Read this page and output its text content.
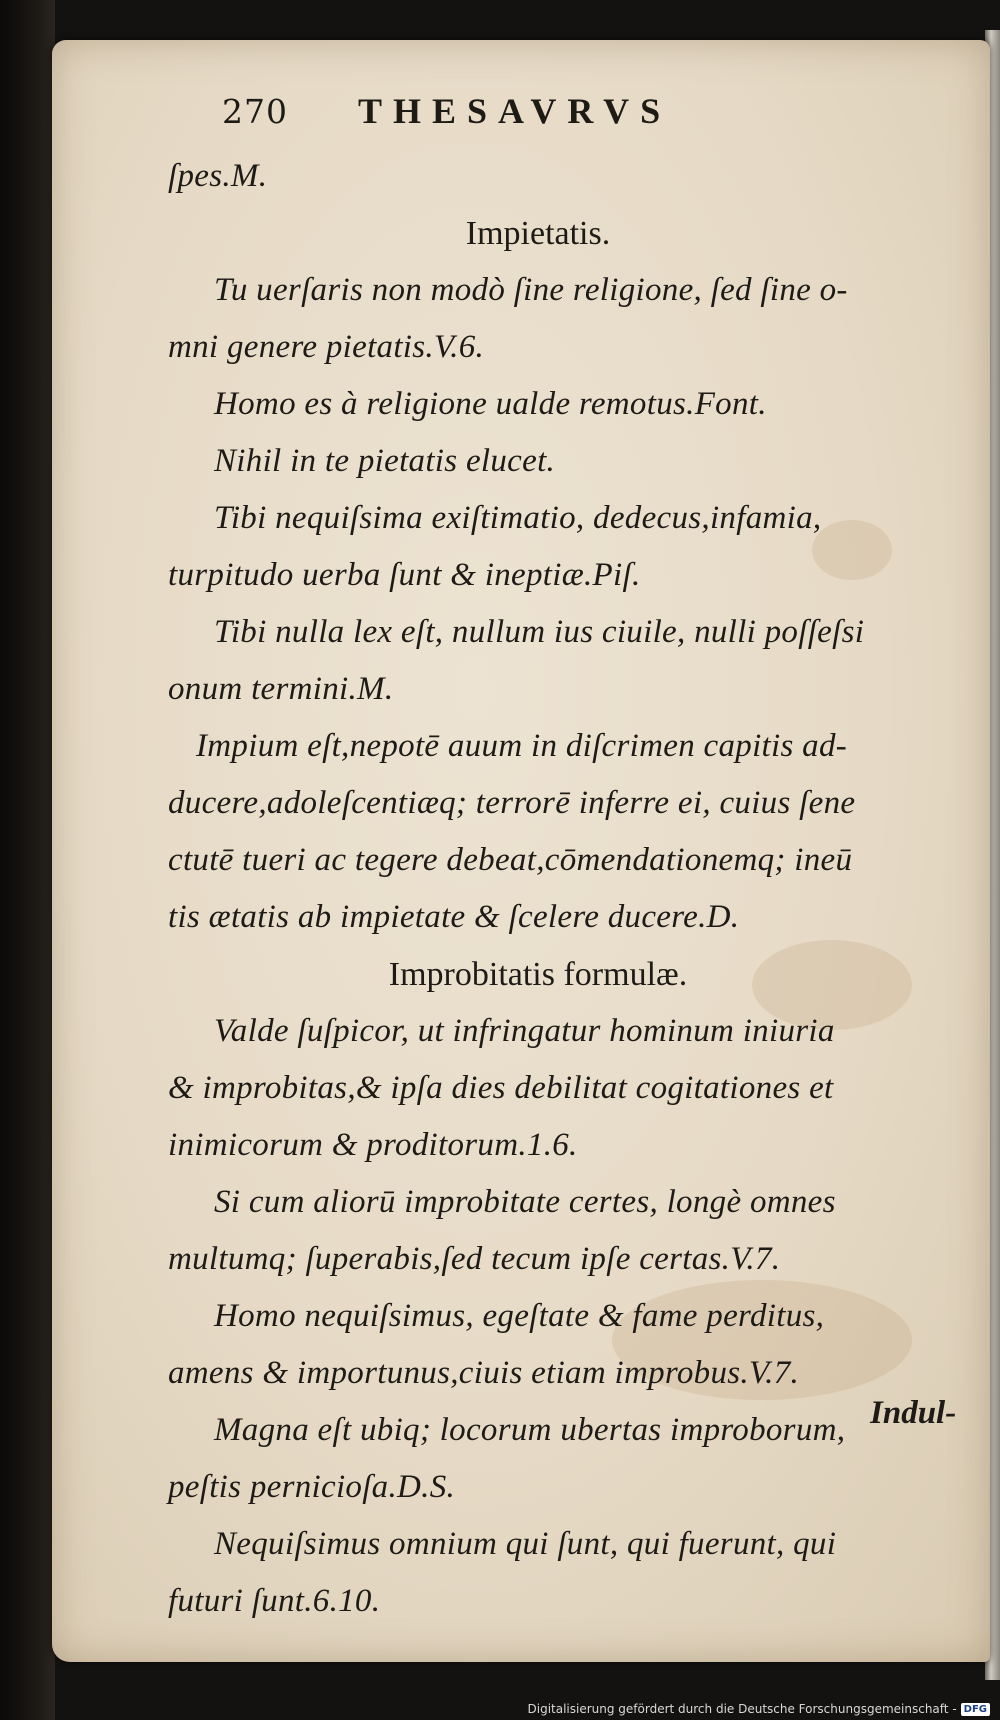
270 THESAVRVS
ſpes.M.
Impietatis.
Tu uerſaris non modò ſine religione, ſed ſine o-
mni genere pietatis.V.6.
Homo es à religione ualde remotus.Font.
Nihil in te pietatis elucet.
Tibi nequiſsima exiſtimatio, dedecus,infamia,
turpitudo uerba ſunt & ineptiæ.Piſ.
Tibi nulla lex eſt, nullum ius ciuile, nulli poſſeſsi
onum termini.M.
Impium eſt,nepotē auum in diſcrimen capitis ad-
ducere,adoleſcentiæq; terrorē inferre ei, cuius ſene
ctutē tueri ac tegere debeat,cōmendationemq; ineū
tis ætatis ab impietate & ſcelere ducere.D.
Improbitatis formulæ.
Valde ſuſpicor, ut infringatur hominum iniuria
& improbitas,& ipſa dies debilitat cogitationes et
inimicorum & proditorum.1.6.
Si cum aliorū improbitate certes, longè omnes
multumq; ſuperabis,ſed tecum ipſe certas.V.7.
Homo nequiſsimus, egeſtate & fame perditus,
amens & importunus,ciuis etiam improbus.V.7.
Magna eſt ubiq; locorum ubertas improborum,
peſtis pernicioſa.D.S.
Nequiſsimus omnium qui ſunt, qui fuerunt, qui
futuri ſunt.6.10.
Indul-
Digitalisierung gefördert durch die Deutsche Forschungsgemeinschaft - DFG
